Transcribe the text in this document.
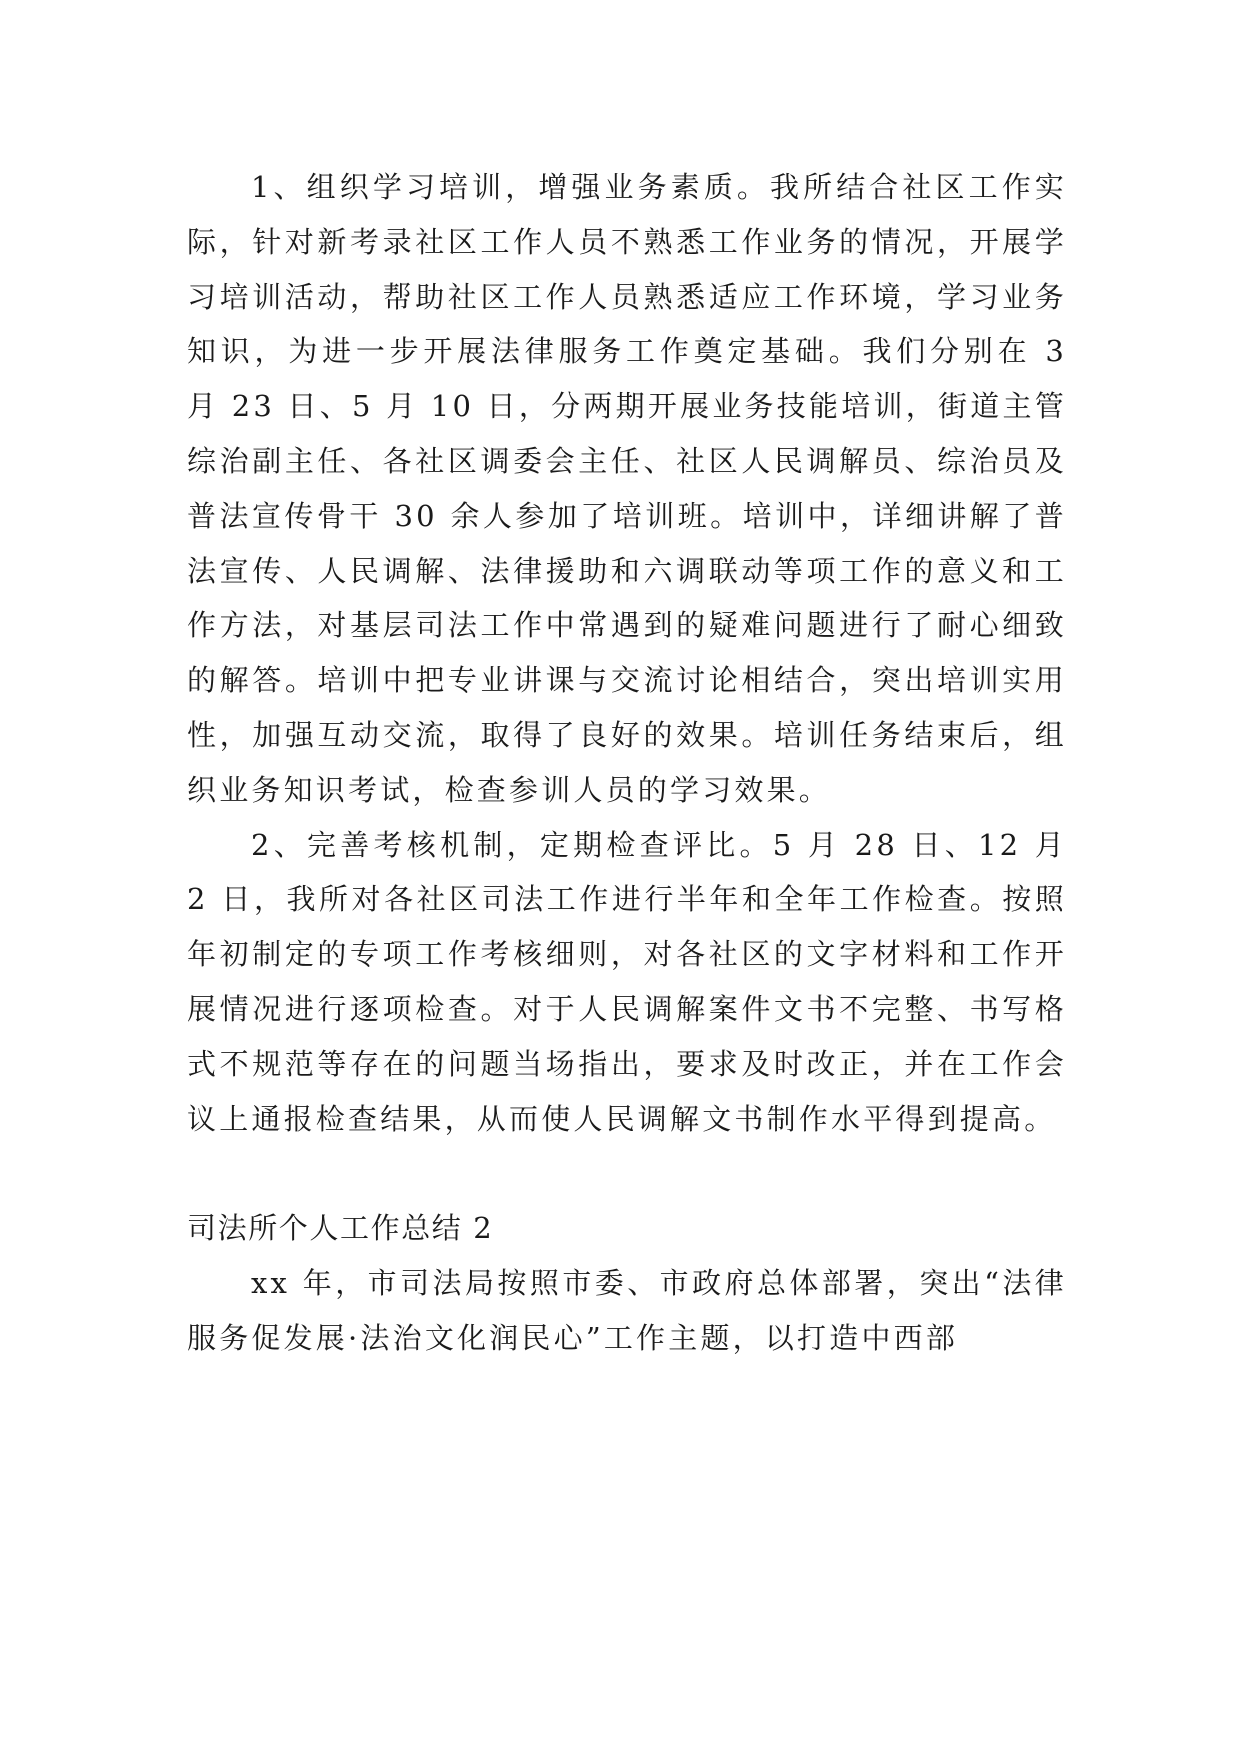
1、组织学习培训，增强业务素质。我所结合社区工作实际，针对新考录社区工作人员不熟悉工作业务的情况，开展学习培训活动，帮助社区工作人员熟悉适应工作环境，学习业务知识，为进一步开展法律服务工作奠定基础。我们分别在 3 月 23 日、5 月 10 日，分两期开展业务技能培训，街道主管综治副主任、各社区调委会主任、社区人民调解员、综治员及普法宣传骨干 30 余人参加了培训班。培训中，详细讲解了普法宣传、人民调解、法律援助和六调联动等项工作的意义和工作方法，对基层司法工作中常遇到的疑难问题进行了耐心细致的解答。培训中把专业讲课与交流讨论相结合，突出培训实用性，加强互动交流，取得了良好的效果。培训任务结束后，组织业务知识考试，检查参训人员的学习效果。

2、完善考核机制，定期检查评比。5 月 28 日、12 月 2 日，我所对各社区司法工作进行半年和全年工作检查。按照年初制定的专项工作考核细则，对各社区的文字材料和工作开展情况进行逐项检查。对于人民调解案件文书不完整、书写格式不规范等存在的问题当场指出，要求及时改正，并在工作会议上通报检查结果，从而使人民调解文书制作水平得到提高。

司法所个人工作总结 2

xx 年，市司法局按照市委、市政府总体部署，突出“法律服务促发展·法治文化润民心”工作主题，以打造中西部
